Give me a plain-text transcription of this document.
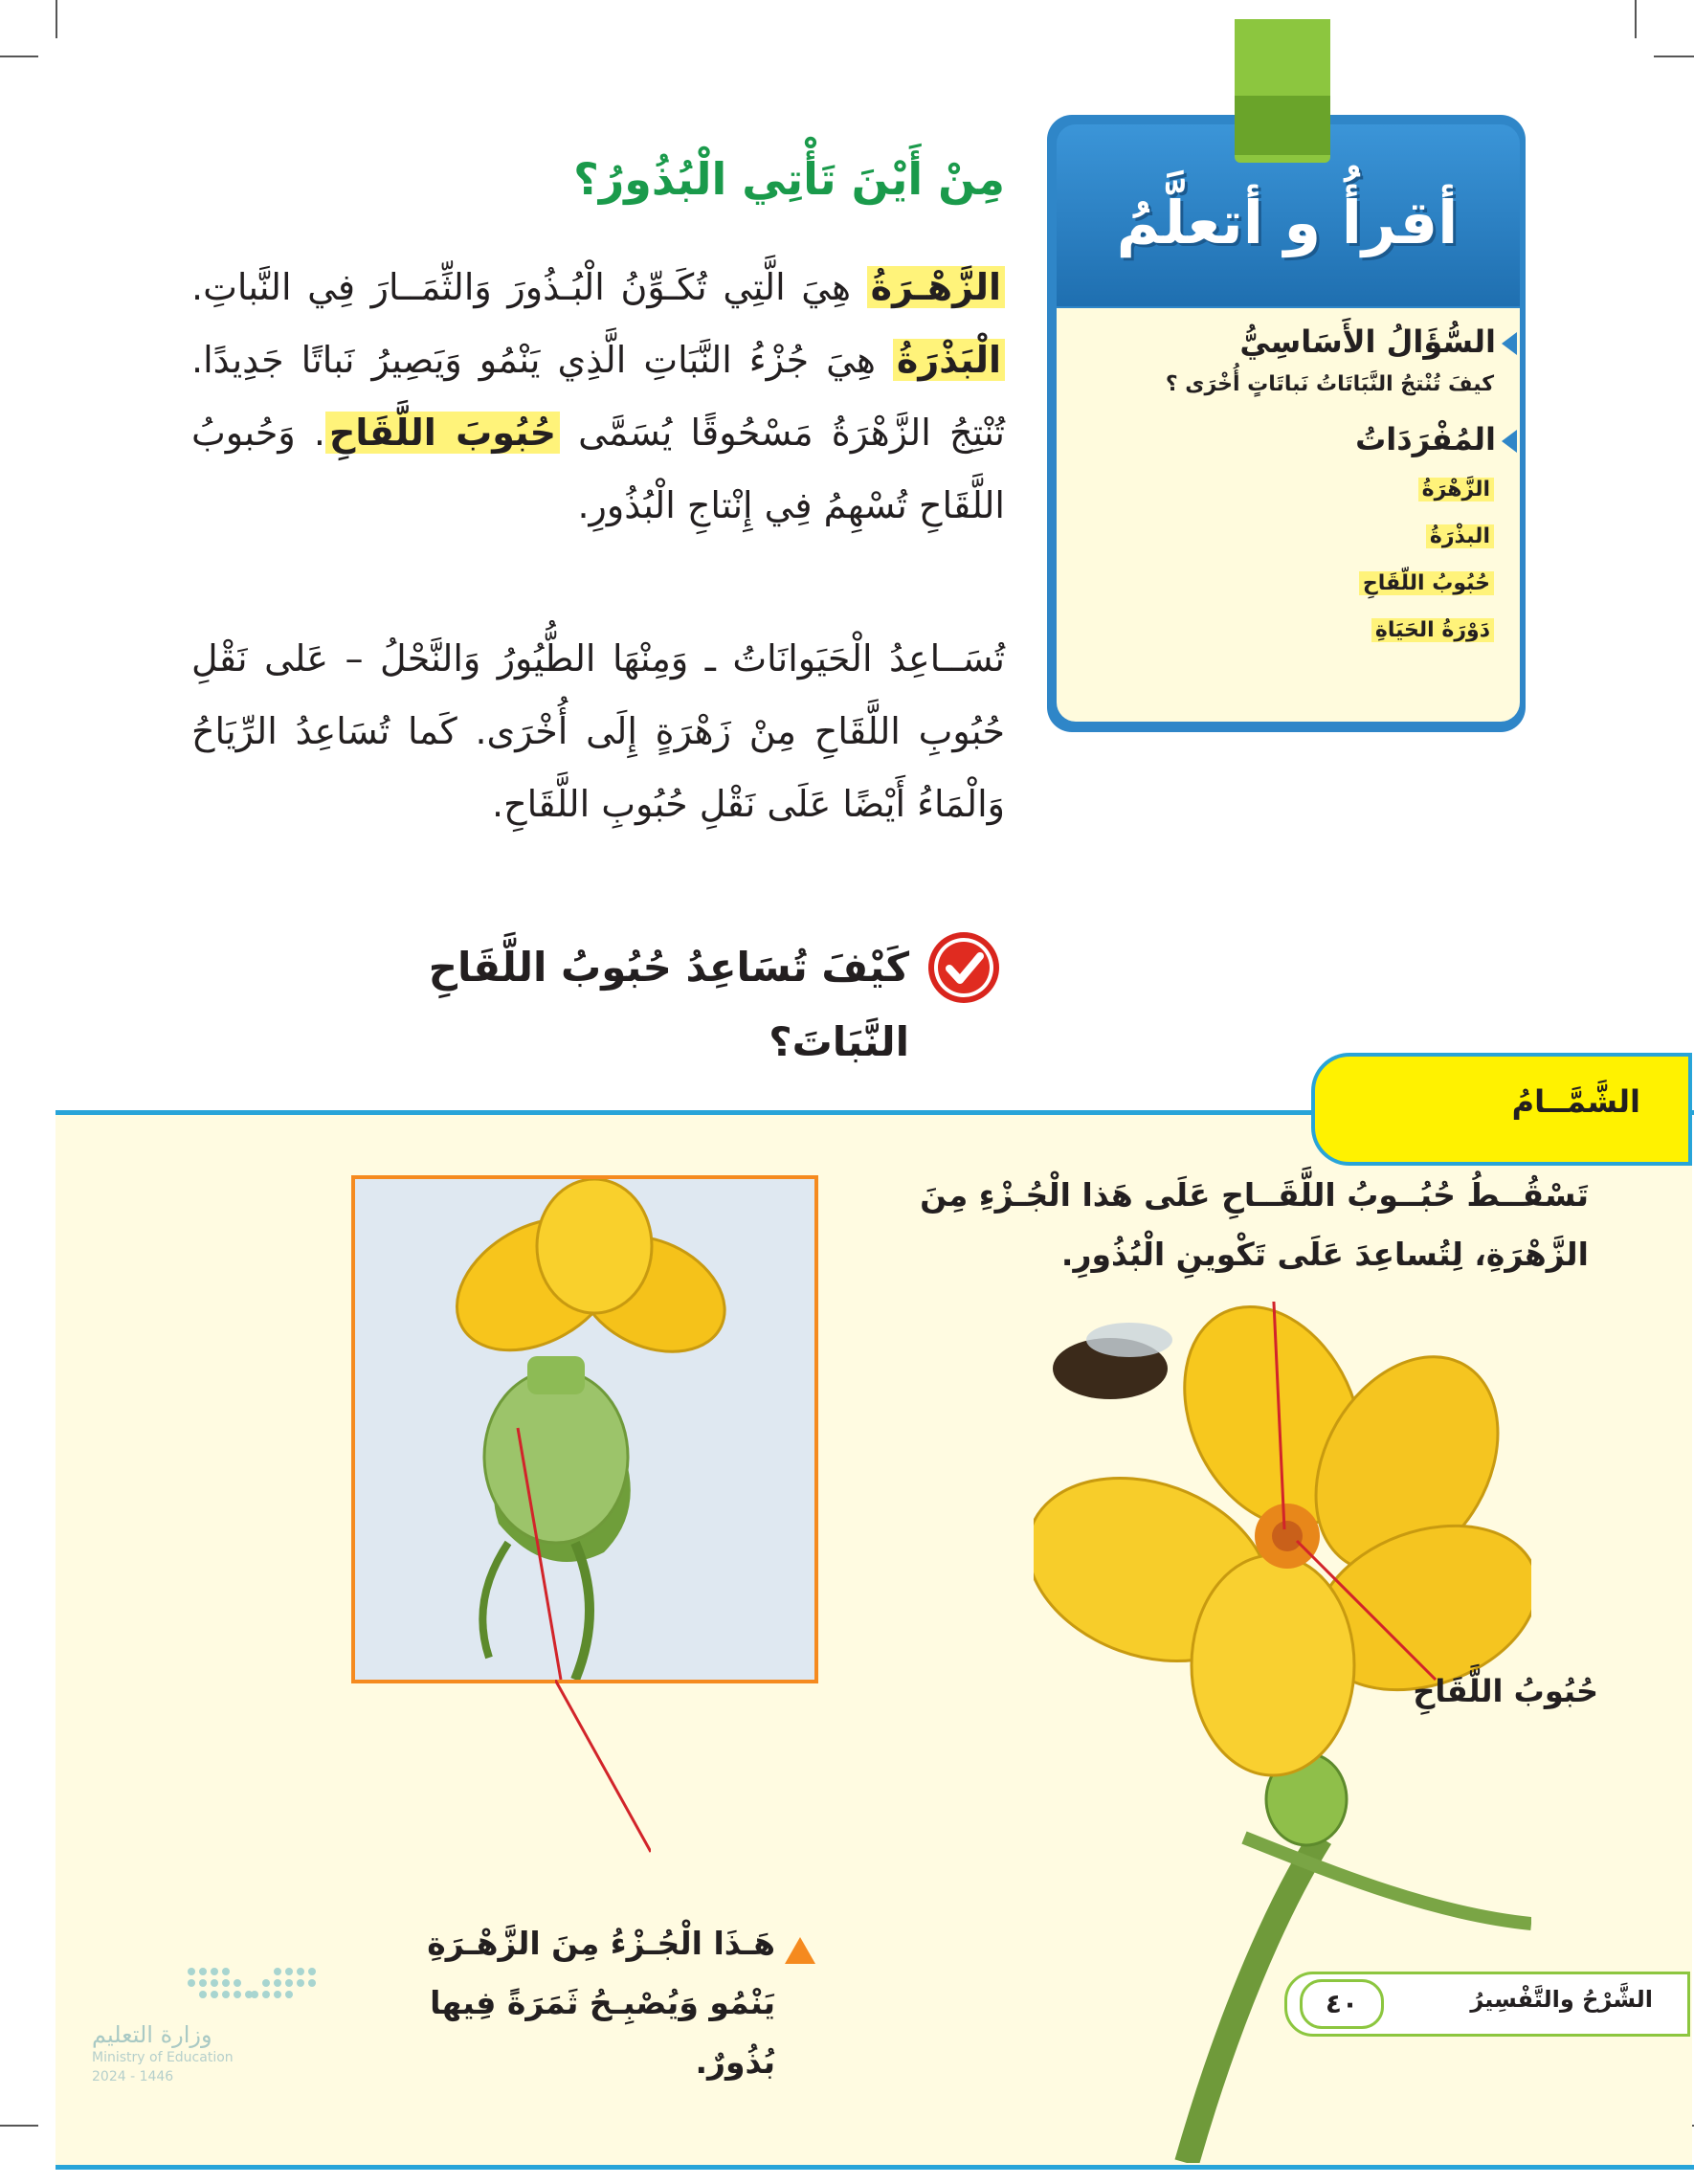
أقرأُ و أتعلَّمُ
السُّؤَالُ الأَسَاسِيُّ
كيفَ تُنْتجُ النَّبَاتَاتُ نَباتَاتٍ أُخْرَى ؟
المُفْرَدَاتُ
الزَّهْرَةُ
البذْرَةُ
حُبُوبُ اللّقَاحِ
دَوْرَةُ الحَيَاةِ
مِنْ أَيْنَ تَأْتِي الْبُذُورُ؟
الزَّهْـرَةُ هِيَ الَّتِي تُكَـوِّنُ الْبُـذُورَ وَالثِّمَــارَ فِي النَّباتِ. الْبَذْرَةُ هِيَ جُزْءُ النَّبَاتِ الَّذِي يَنْمُو وَيَصِيرُ نَباتًا جَدِيدًا. تُنْتِجُ الزَّهْرَةُ مَسْحُوقًا يُسَمَّى حُبُوبَ اللَّقَاحِ. وَحُبوبُ اللَّقَاحِ تُسْهِمُ فِي إِنْتاجِ الْبُذُورِ.
تُسَــاعِدُ الْحَيَوانَاتُ ـ وَمِنْهَا الطُّيُورُ وَالنَّحْلُ – عَلى نَقْلِ حُبُوبِ اللَّقَاحِ مِنْ زَهْرَةٍ إِلَى أُخْرَى. كَما تُسَاعِدُ الرِّيَاحُ وَالْمَاءُ أَيْضًا عَلَى نَقْلِ حُبُوبِ اللَّقَاحِ.
كَيْفَ تُسَاعِدُ حُبُوبُ اللَّقَاحِ النَّبَاتَ؟
الشَّمَّــامُ
تَسْقُــطُ حُبُــوبُ اللَّقَــاحِ عَلَى هَذا الْجُـزْءِ مِنَ الزَّهْرَةِ، لِتُساعِدَ عَلَى تَكْوينِ الْبُذُورِ.
حُبُوبُ اللَّقَاحِ
هَـذَا الْجُـزْءُ مِنَ الزَّهْـرَةِ يَنْمُو وَيُصْبِـحُ ثَمَرَةً فِيها بُذُورٌ.
وزارة التعليم
Ministry of Education
2024 - 1446
الشَّرْحُ والتَّفْسِيرُ
٤٠
